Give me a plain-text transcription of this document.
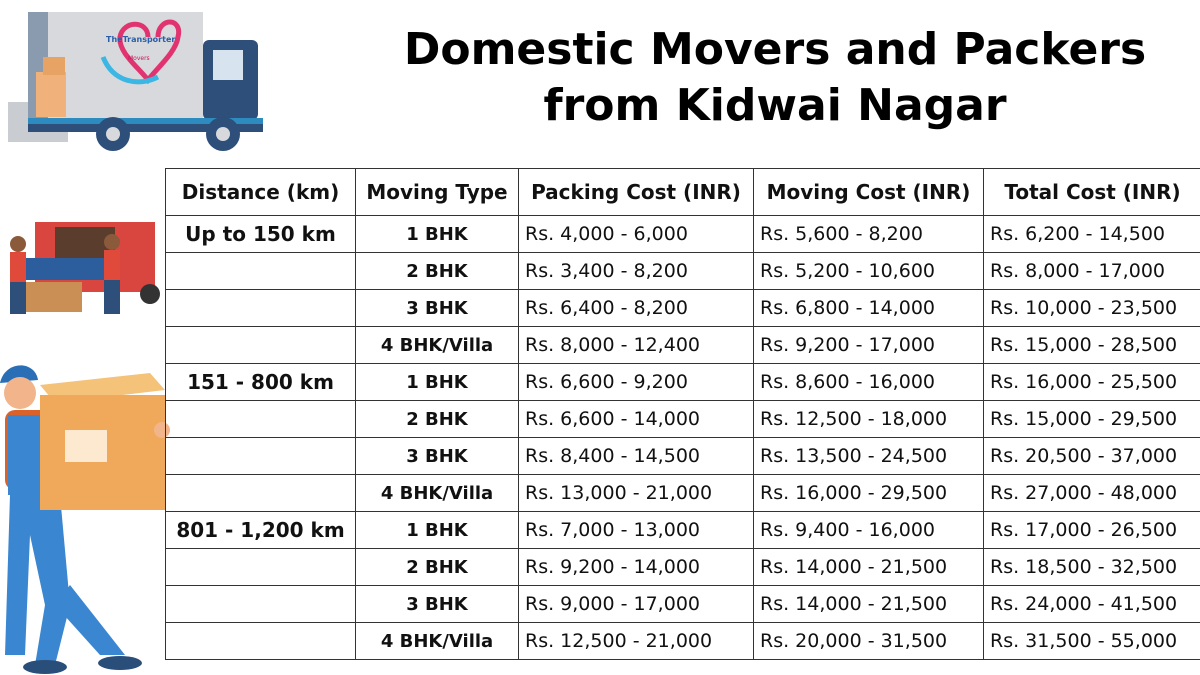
TheTransporter
Movers	Domestic Movers and Packers from Kidwai Nagar
Distance (km)	Moving Type	Packing Cost (INR)	Moving Cost (INR)	Total Cost (INR)
Up to 150 km	1 BHK	Rs. 4,000 - 6,000	Rs. 5,600 - 8,200	Rs. 6,200 - 14,500
	2 BHK	Rs. 3,400 - 8,200	Rs. 5,200 - 10,600	Rs. 8,000 - 17,000
	3 BHK	Rs. 6,400 - 8,200	Rs. 6,800 - 14,000	Rs. 10,000 - 23,500
	4 BHK/Villa	Rs. 8,000 - 12,400	Rs. 9,200 - 17,000	Rs. 15,000 - 28,500
151 - 800 km	1 BHK	Rs. 6,600 - 9,200	Rs. 8,600 - 16,000	Rs. 16,000 - 25,500
	2 BHK	Rs. 6,600 - 14,000	Rs. 12,500 - 18,000	Rs. 15,000 - 29,500
	3 BHK	Rs. 8,400 - 14,500	Rs. 13,500 - 24,500	Rs. 20,500 - 37,000
	4 BHK/Villa	Rs. 13,000 - 21,000	Rs. 16,000 - 29,500	Rs. 27,000 - 48,000
801 - 1,200 km	1 BHK	Rs. 7,000 - 13,000	Rs. 9,400 - 16,000	Rs. 17,000 - 26,500
	2 BHK	Rs. 9,200 - 14,000	Rs. 14,000 - 21,500	Rs. 18,500 - 32,500
	3 BHK	Rs. 9,000 - 17,000	Rs. 14,000 - 21,500	Rs. 24,000 - 41,500
	4 BHK/Villa	Rs. 12,500 - 21,000	Rs. 20,000 - 31,500	Rs. 31,500 - 55,000
